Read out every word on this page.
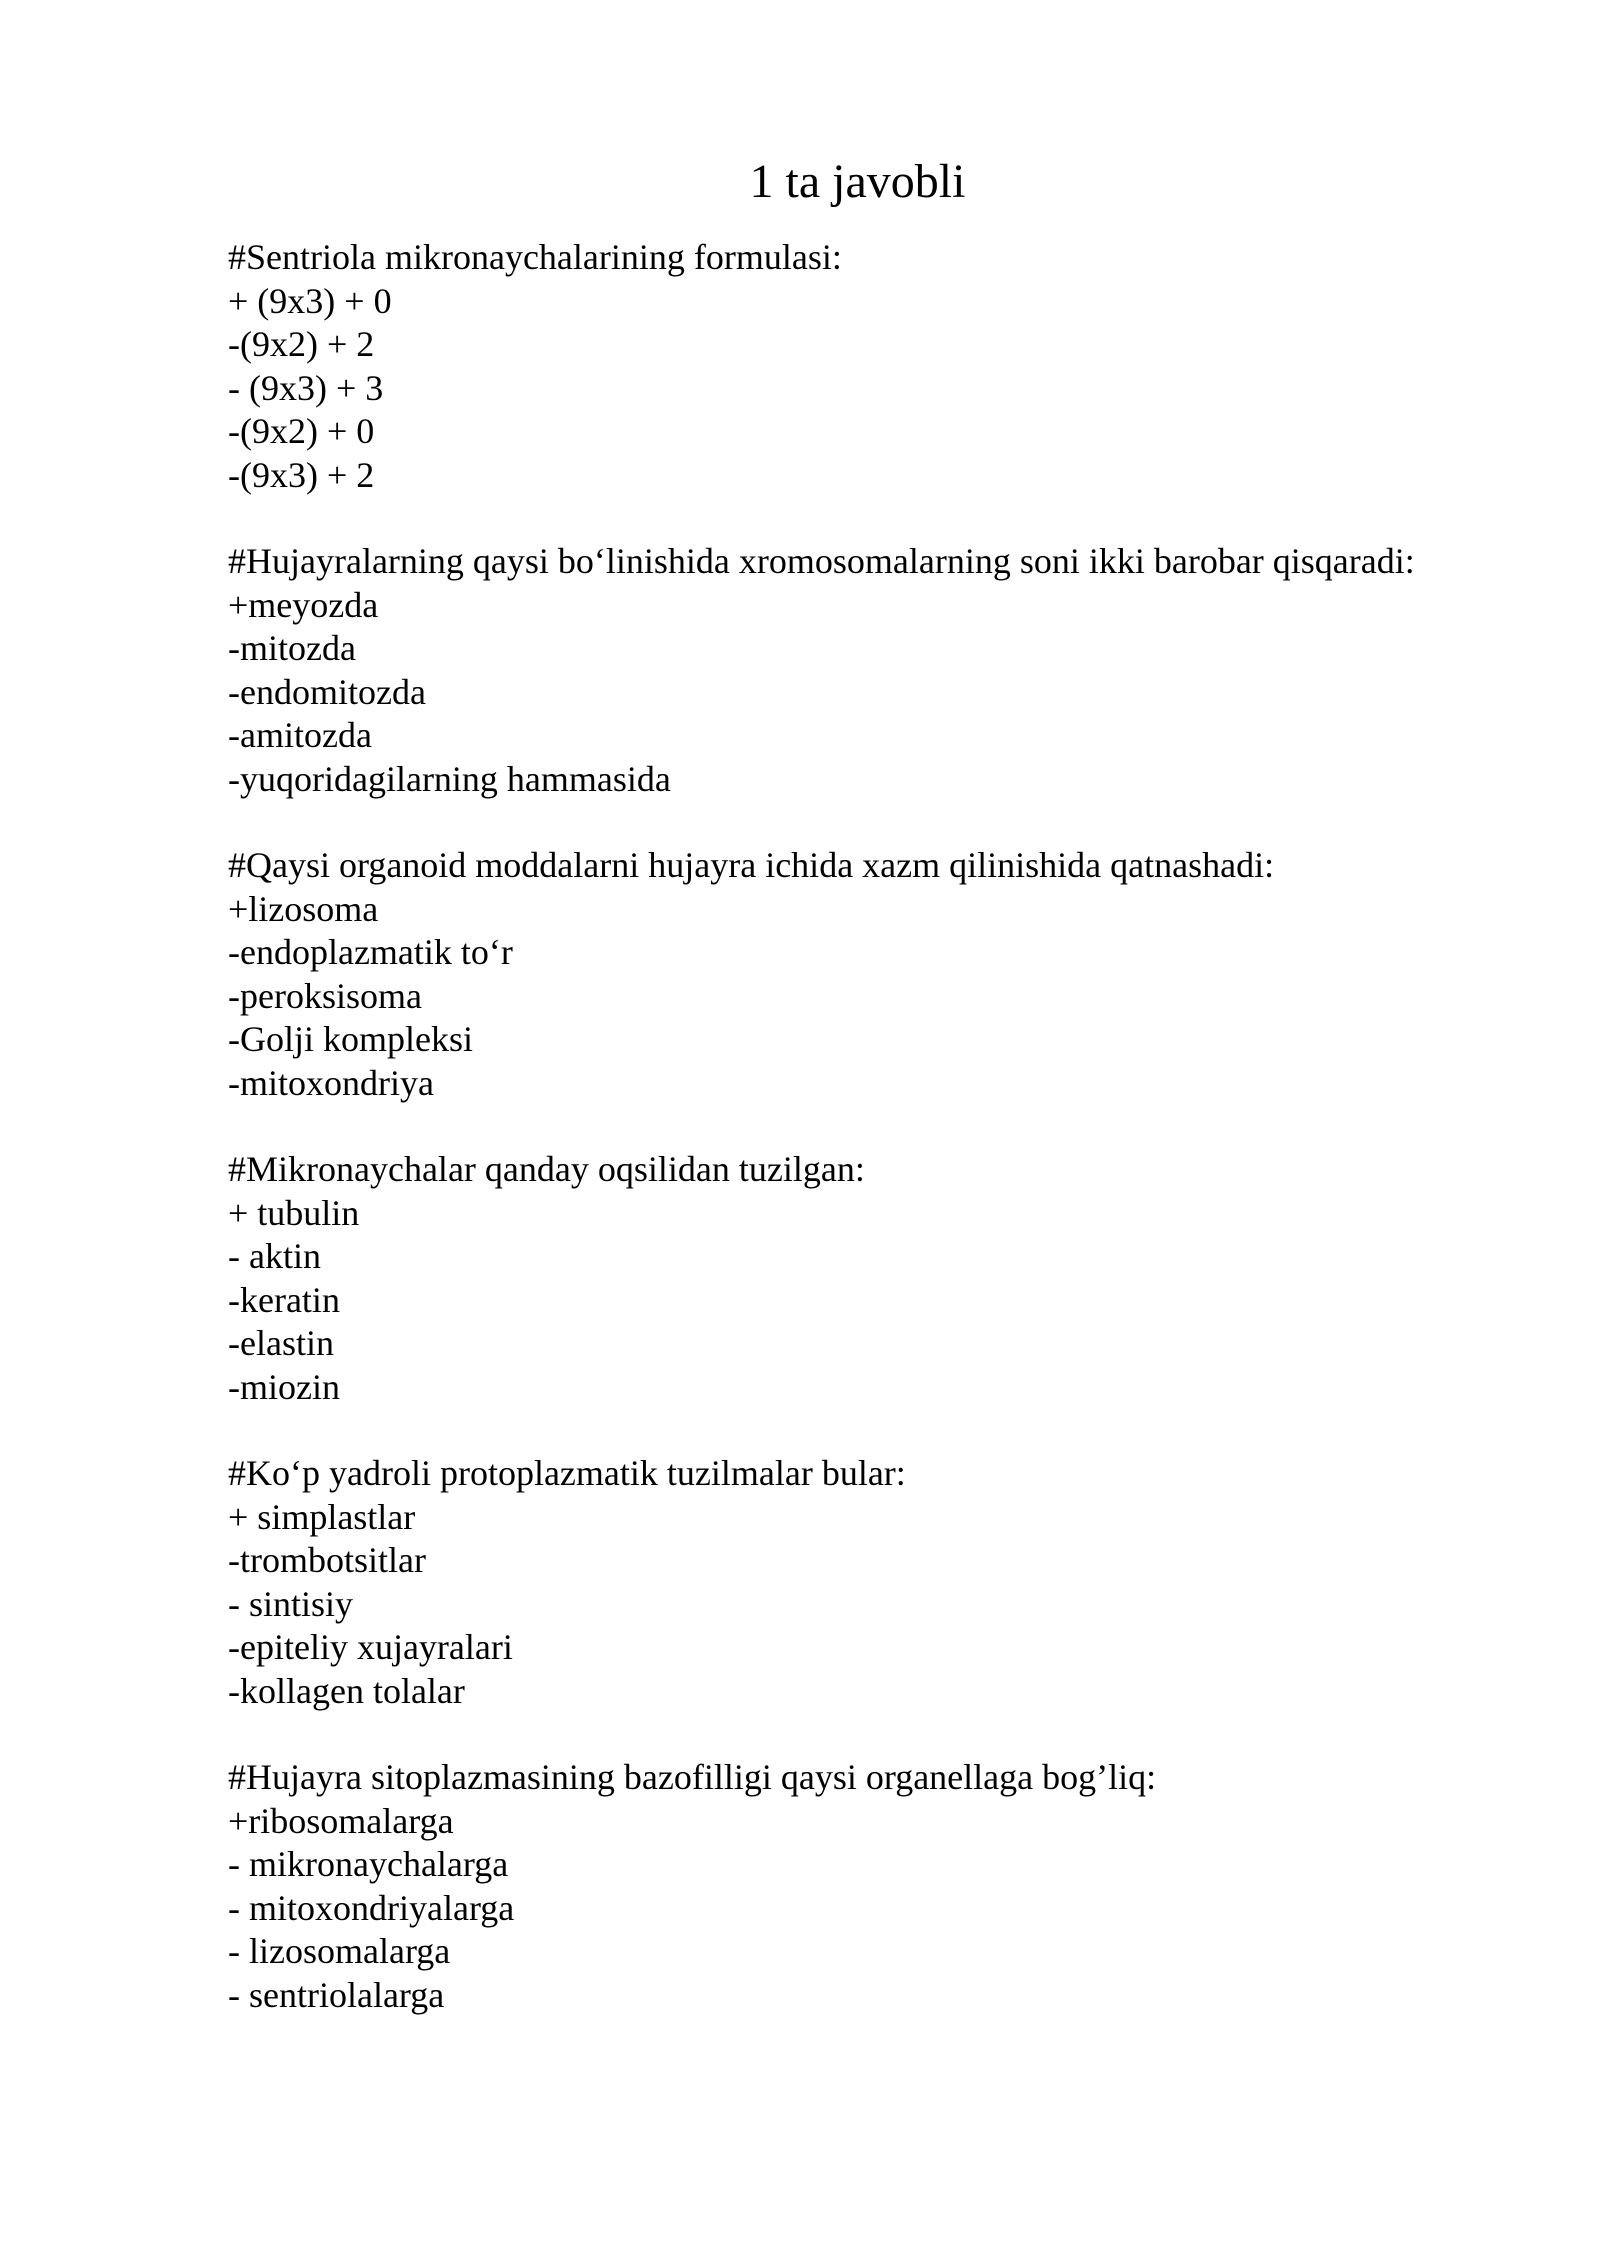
1 ta javobli

#Sentriola mikronaychalarining formulasi:

+ (9x3) + 0

-(9x2) + 2

- (9x3) + 3

-(9x2) + 0

-(9x3) + 2

#Hujayralarning qaysi bo‘linishida xromosomalarning soni ikki barobar qisqaradi:

+meyozda

-mitozda

-endomitozda

-amitozda

-yuqoridagilarning hammasida

#Qaysi organoid moddalarni hujayra ichida xazm qilinishida qatnashadi:

+lizosoma

-endoplazmatik to‘r

-peroksisoma

-Golji kompleksi

-mitoxondriya

#Mikronaychalar qanday oqsilidan tuzilgan:

+ tubulin

- aktin

-keratin

-elastin

-miozin

#Ko‘p yadroli protoplazmatik tuzilmalar bular:

+ simplastlar

-trombotsitlar

- sintisiy

-epiteliy xujayralari

-kollagen tolalar

#Hujayra sitoplazmasining bazofilligi qaysi organellaga bog’liq:

+ribosomalarga

- mikronaychalarga

- mitoxondriyalarga

- lizosomalarga

- sentriolalarga
